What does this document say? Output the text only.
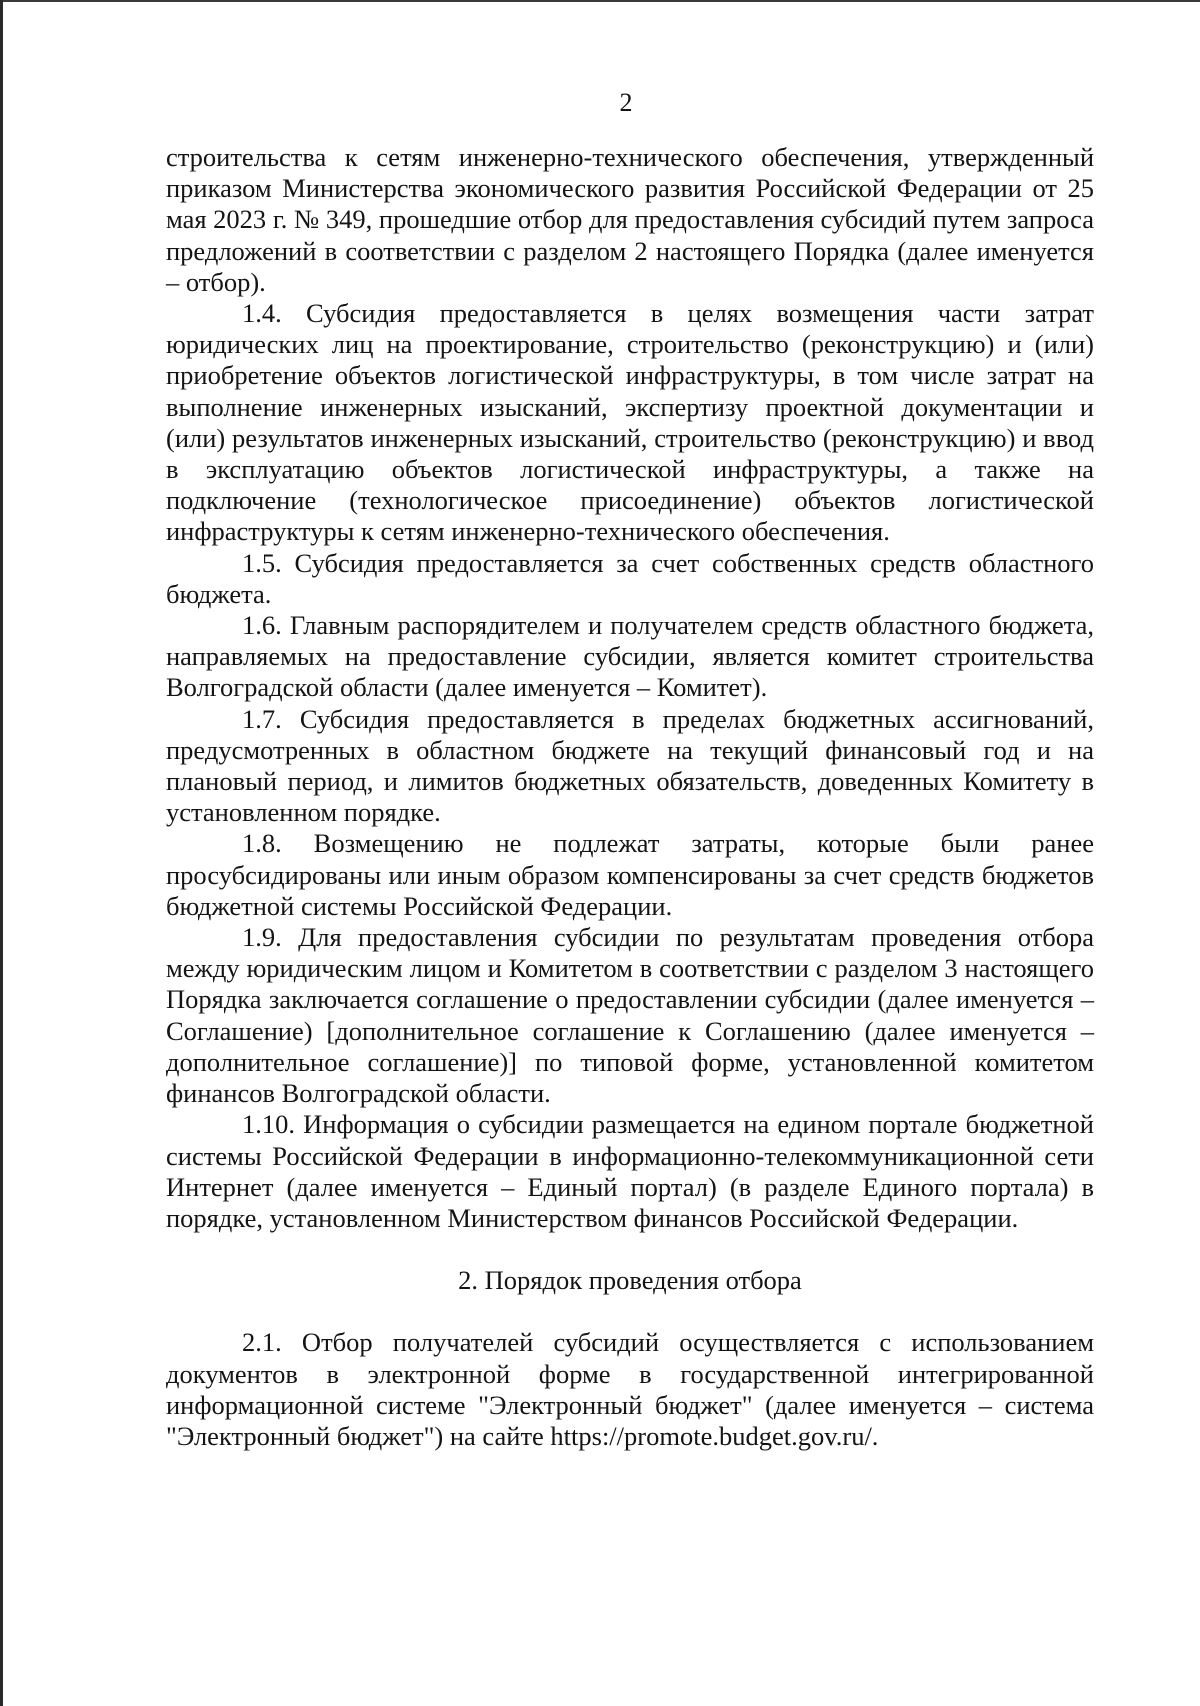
2

строительства к сетям инженерно-технического обеспечения, утвержденный приказом Министерства экономического развития Российской Федерации от 25 мая 2023 г. № 349, прошедшие отбор для предоставления субсидий путем запроса предложений в соответствии с разделом 2 настоящего Порядка (далее именуется – отбор).

1.4. Субсидия предоставляется в целях возмещения части затрат юридических лиц на проектирование, строительство (реконструкцию) и (или) приобретение объектов логистической инфраструктуры, в том числе затрат на выполнение инженерных изысканий, экспертизу проектной документации и (или) результатов инженерных изысканий, строительство (реконструкцию) и ввод в эксплуатацию объектов логистической инфраструктуры, а также на подключение (технологическое присоединение) объектов логистической инфраструктуры к сетям инженерно-технического обеспечения.

1.5. Субсидия предоставляется за счет собственных средств областного бюджета.

1.6. Главным распорядителем и получателем средств областного бюджета, направляемых на предоставление субсидии, является комитет строительства Волгоградской области (далее именуется – Комитет).

1.7. Субсидия предоставляется в пределах бюджетных ассигнований, предусмотренных в областном бюджете на текущий финансовый год и на плановый период, и лимитов бюджетных обязательств, доведенных Комитету в установленном порядке.

1.8. Возмещению не подлежат затраты, которые были ранее просубсидированы или иным образом компенсированы за счет средств бюджетов бюджетной системы Российской Федерации.

1.9. Для предоставления субсидии по результатам проведения отбора между юридическим лицом и Комитетом в соответствии с разделом 3 настоящего Порядка заключается соглашение о предоставлении субсидии (далее именуется – Соглашение) [дополнительное соглашение к Соглашению (далее именуется – дополнительное соглашение)] по типовой форме, установленной комитетом финансов Волгоградской области.

1.10. Информация о субсидии размещается на едином портале бюджетной системы Российской Федерации в информационно-телекоммуникационной сети Интернет (далее именуется – Единый портал) (в разделе Единого портала) в порядке, установленном Министерством финансов Российской Федерации.

2. Порядок проведения отбора

2.1. Отбор получателей субсидий осуществляется с использованием документов в электронной форме в государственной интегрированной информационной системе "Электронный бюджет" (далее именуется – система "Электронный бюджет") на сайте https://promote.budget.gov.ru/.
